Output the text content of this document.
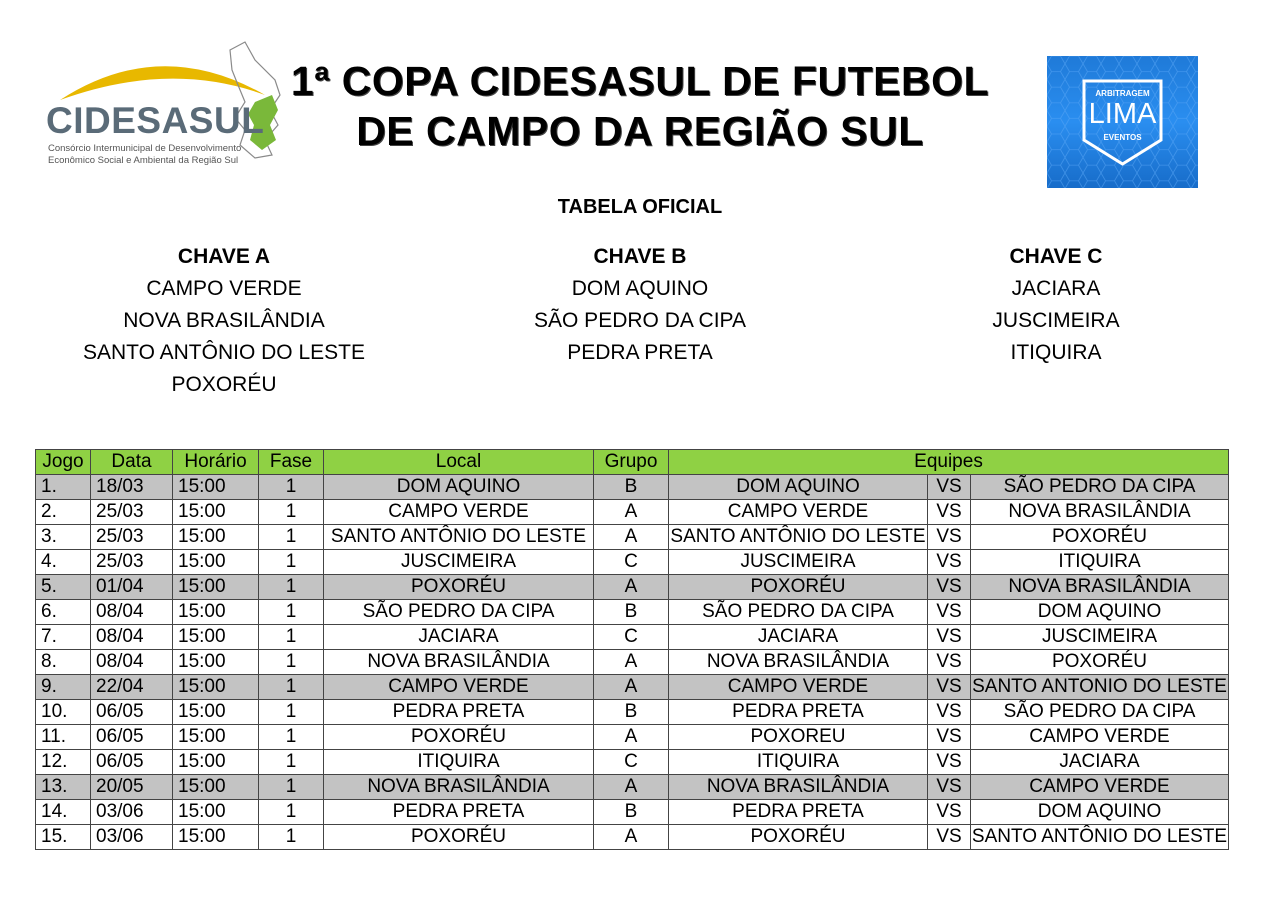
CIDESASUL
Consórcio Intermunicipal de Desenvolvimento
Econômico Social e Ambiental da Região Sul
1ª COPA CIDESASUL DE FUTEBOL
DE CAMPO DA REGIÃO SUL
ARBITRAGEM
LIMA
EVENTOS
TABELA OFICIAL
CHAVE A
CAMPO VERDE
NOVA BRASILÂNDIA
SANTO ANTÔNIO DO LESTE
POXORÉU
CHAVE B
DOM AQUINO
SÃO PEDRO DA CIPA
PEDRA PRETA
CHAVE C
JACIARA
JUSCIMEIRA
ITIQUIRA
Jogo	Data	Horário	Fase	Local	Grupo	Equipes		
1.	18/03	15:00	1	DOM AQUINO	B	DOM AQUINO	VS	SÃO PEDRO DA CIPA
2.	25/03	15:00	1	CAMPO VERDE	A	CAMPO VERDE	VS	NOVA BRASILÂNDIA
3.	25/03	15:00	1	SANTO ANTÔNIO DO LESTE	A	SANTO ANTÔNIO DO LESTE	VS	POXORÉU
4.	25/03	15:00	1	JUSCIMEIRA	C	JUSCIMEIRA	VS	ITIQUIRA
5.	01/04	15:00	1	POXORÉU	A	POXORÉU	VS	NOVA BRASILÂNDIA
6.	08/04	15:00	1	SÃO PEDRO DA CIPA	B	SÃO PEDRO DA CIPA	VS	DOM AQUINO
7.	08/04	15:00	1	JACIARA	C	JACIARA	VS	JUSCIMEIRA
8.	08/04	15:00	1	NOVA BRASILÂNDIA	A	NOVA BRASILÂNDIA	VS	POXORÉU
9.	22/04	15:00	1	CAMPO VERDE	A	CAMPO VERDE	VS	SANTO ANTONIO DO LESTE
10.	06/05	15:00	1	PEDRA PRETA	B	PEDRA PRETA	VS	SÃO PEDRO DA CIPA
11.	06/05	15:00	1	POXORÉU	A	POXOREU	VS	CAMPO VERDE
12.	06/05	15:00	1	ITIQUIRA	C	ITIQUIRA	VS	JACIARA
13.	20/05	15:00	1	NOVA BRASILÂNDIA	A	NOVA BRASILÂNDIA	VS	CAMPO VERDE
14.	03/06	15:00	1	PEDRA PRETA	B	PEDRA PRETA	VS	DOM AQUINO
15.	03/06	15:00	1	POXORÉU	A	POXORÉU	VS	SANTO ANTÔNIO DO LESTE
